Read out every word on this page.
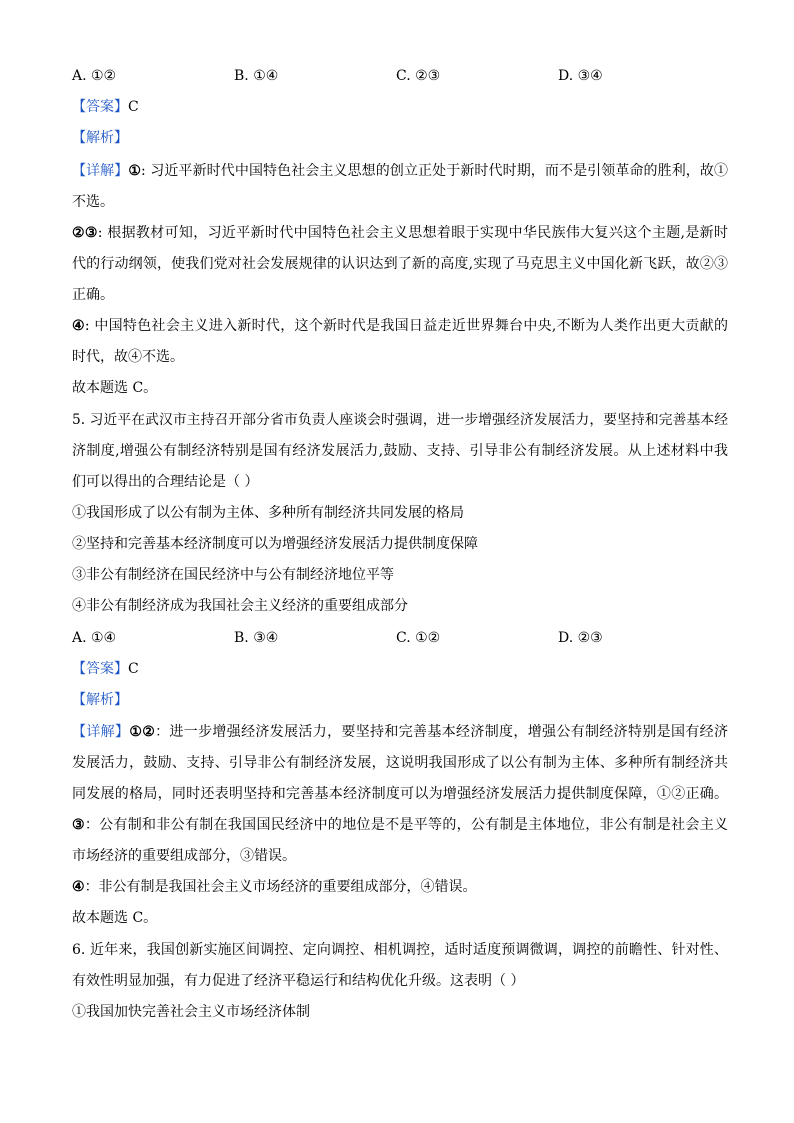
A. ①②	B. ①④	C. ②③	D. ③④
【答案】C
【解析】
【详解】①: 习近平新时代中国特色社会主义思想的创立正处于新时代时期，而不是引领革命的胜利，故①
不选。
②③: 根据教材可知，习近平新时代中国特色社会主义思想着眼于实现中华民族伟大复兴这个主题,是新时
代的行动纲领，使我们党对社会发展规律的认识达到了新的高度,实现了马克思主义中国化新飞跃，故②③
正确。
④: 中国特色社会主义进入新时代，这个新时代是我国日益走近世界舞台中央,不断为人类作出更大贡献的
时代，故④不选。
故本题选 C。
5. 习近平在武汉市主持召开部分省市负责人座谈会时强调，进一步增强经济发展活力，要坚持和完善基本经
济制度,增强公有制经济特别是国有经济发展活力,鼓励、支持、引导非公有制经济发展。从上述材料中我
们可以得出的合理结论是（ ）
①我国形成了以公有制为主体、多种所有制经济共同发展的格局
②坚持和完善基本经济制度可以为增强经济发展活力提供制度保障
③非公有制经济在国民经济中与公有制经济地位平等
④非公有制经济成为我国社会主义经济的重要组成部分
A. ①④	B. ③④	C. ①②	D. ②③
【答案】C
【解析】
【详解】①②：进一步增强经济发展活力，要坚持和完善基本经济制度，增强公有制经济特别是国有经济
发展活力，鼓励、支持、引导非公有制经济发展，这说明我国形成了以公有制为主体、多种所有制经济共
同发展的格局，同时还表明坚持和完善基本经济制度可以为增强经济发展活力提供制度保障，①②正确。
③：公有制和非公有制在我国国民经济中的地位是不是平等的，公有制是主体地位，非公有制是社会主义
市场经济的重要组成部分，③错误。
④：非公有制是我国社会主义市场经济的重要组成部分，④错误。
故本题选 C。
6. 近年来，我国创新实施区间调控、定向调控、相机调控，适时适度预调微调，调控的前瞻性、针对性、
有效性明显加强，有力促进了经济平稳运行和结构优化升级。这表明（ ）
①我国加快完善社会主义市场经济体制
